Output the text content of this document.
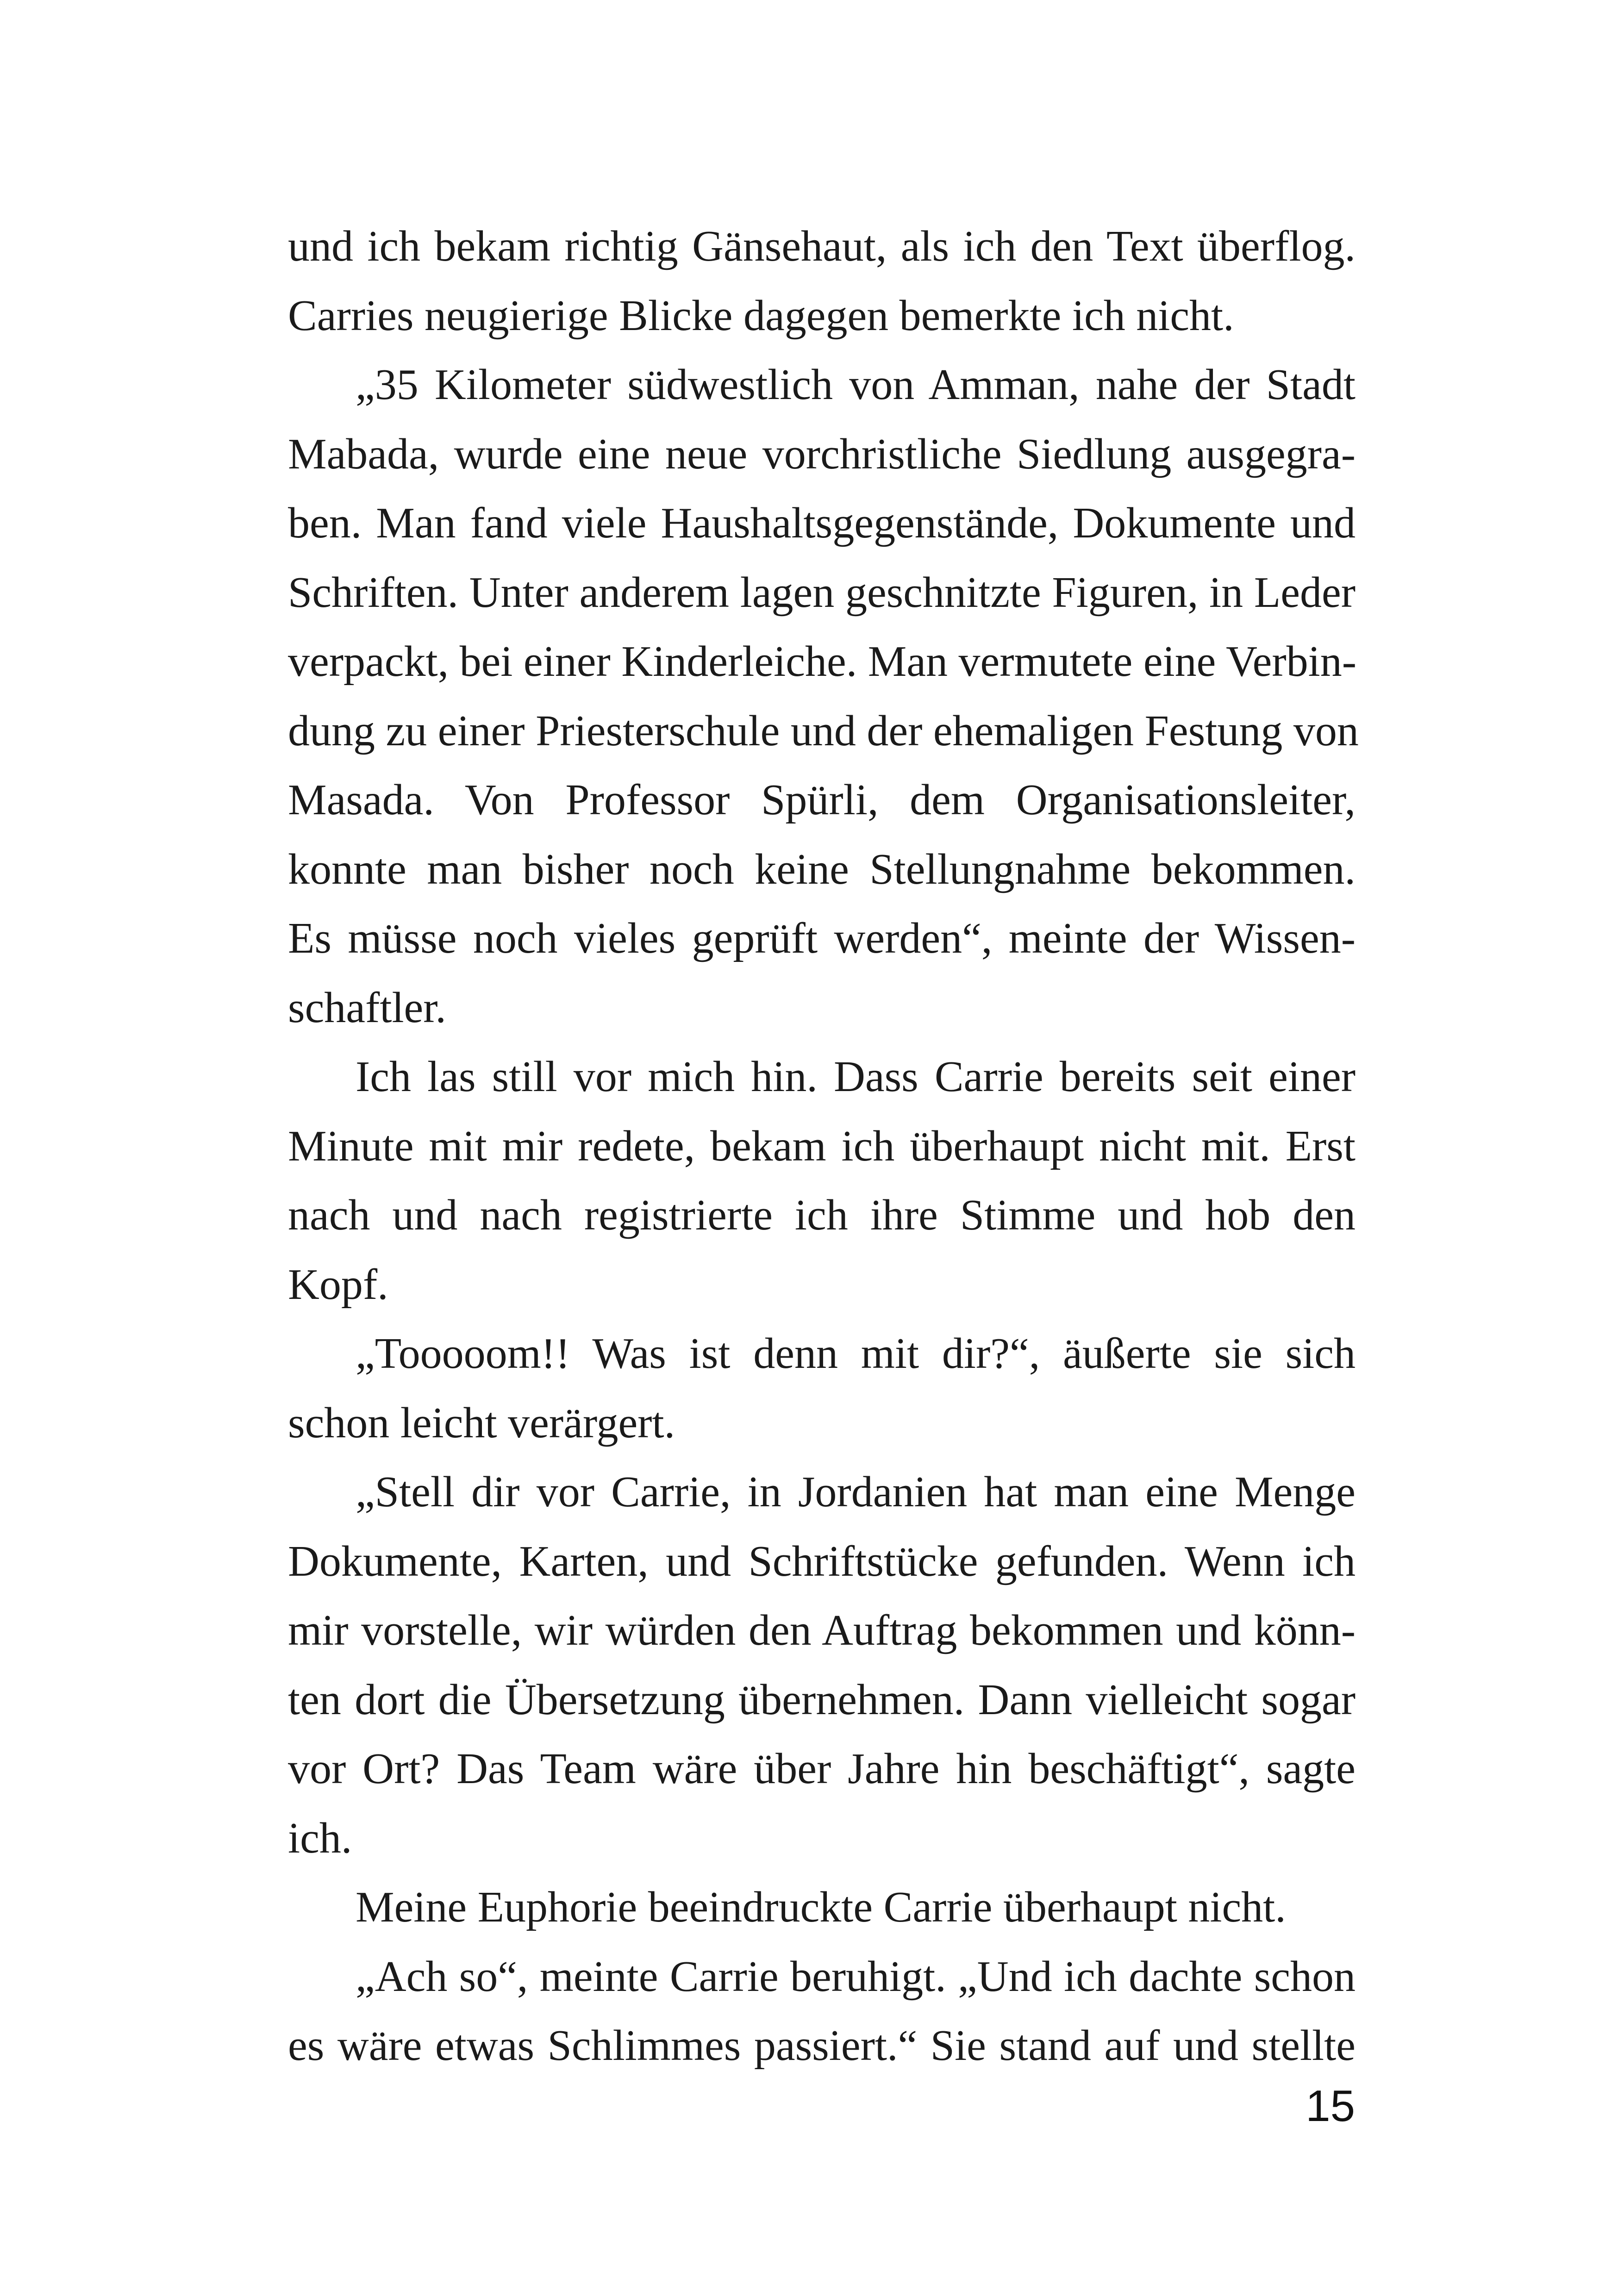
und ich bekam richtig Gänsehaut, als ich den Text überflog.
Carries neugierige Blicke dagegen bemerkte ich nicht.
„35 Kilometer südwestlich von Amman, nahe der Stadt
Mabada, wurde eine neue vorchristliche Siedlung ausgegra-
ben. Man fand viele Haushaltsgegenstände, Dokumente und
Schriften. Unter anderem lagen geschnitzte Figuren, in Leder
verpackt, bei einer Kinderleiche. Man vermutete eine Verbin-
dung zu einer Priesterschule und der ehemaligen Festung von
Masada. Von Professor Spürli, dem Organisationsleiter,
konnte man bisher noch keine Stellungnahme bekommen.
Es müsse noch vieles geprüft werden“, meinte der Wissen-
schaftler.
Ich las still vor mich hin. Dass Carrie bereits seit einer
Minute mit mir redete, bekam ich überhaupt nicht mit. Erst
nach und nach registrierte ich ihre Stimme und hob den
Kopf.
„Tooooom!! Was ist denn mit dir?“, äußerte sie sich
schon leicht verärgert.
„Stell dir vor Carrie, in Jordanien hat man eine Menge
Dokumente, Karten, und Schriftstücke gefunden. Wenn ich
mir vorstelle, wir würden den Auftrag bekommen und könn-
ten dort die Übersetzung übernehmen. Dann vielleicht sogar
vor Ort? Das Team wäre über Jahre hin beschäftigt“, sagte
ich.
Meine Euphorie beeindruckte Carrie überhaupt nicht.
„Ach so“, meinte Carrie beruhigt. „Und ich dachte schon
es wäre etwas Schlimmes passiert.“ Sie stand auf und stellte
15
